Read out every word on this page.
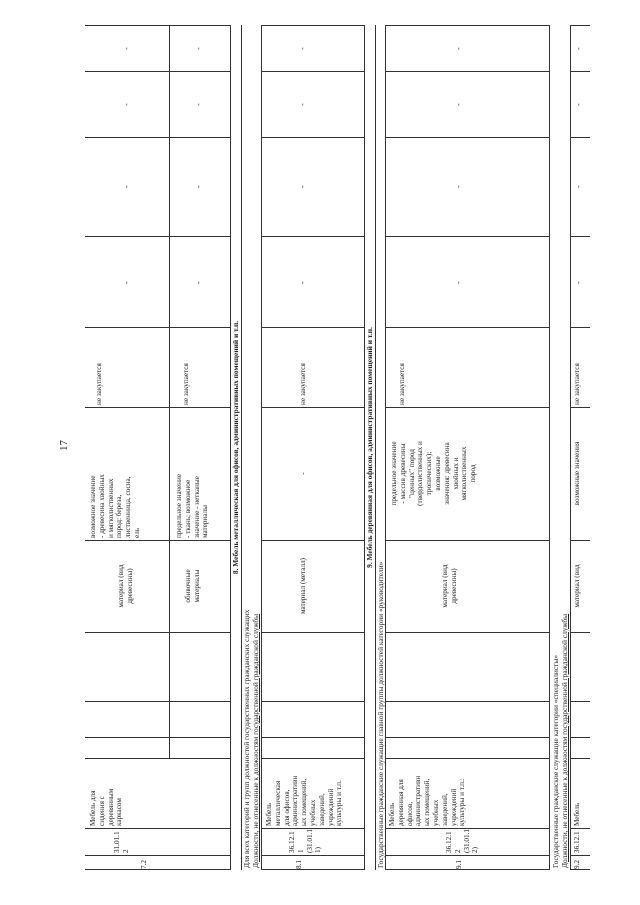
17
7.2
31.01.1
2
Мебель для
сидения с
деревянным
каркасом
материал (вид
древесины)
возможное значение
- древесина хвойных
и мягколиственных
пород: береза,
лиственница, сосна,
ель
не закупается
обивочные
материалы
предельное значение
- ткань; возможное
значение - нетканые
материалы
не закупается
-
-
-
-
-
-
-
-
8. Мебель металлическая для офисов, административных помещений и т.п.
Для всех категорий и групп должностей государственных гражданских служащих Должности, не отнесенные к должностям государственной гражданской службы	8.1
36.12.1
1
(31.01.1
1)
Мебель
металлическая
для офисов,
административн
ых помещений,
учебных
заведений,
учреждений
культуры и т.п.
материал (металл)
-
не закупается
-
-
-
-
9. Мебель деревянная для офисов, административных помещений и т.п.
Государственные гражданские служащие главной группы должностей категории «руководители»	9.1
36.12.1
2
(31.01.1
2)
Мебель
деревянная для
офисов,
административн
ых помещений,
учебных
заведений,
учреждений
культуры и т.п.:
материал (вид
древесины)
предельное значение
- массив древесины
"ценных" пород
(твердолиственных и
тропических);
возможные
значения: древесина
хвойных и
мягколиственных
пород
не закупается
-
-
-
-
Государственные гражданские служащие категории «специалисты» Должности, не отнесенные к должностям государственной гражданской службы 9.2
36.12.1
Мебель
материал (вид
возможные значения
не закупается
-
-
-
-
